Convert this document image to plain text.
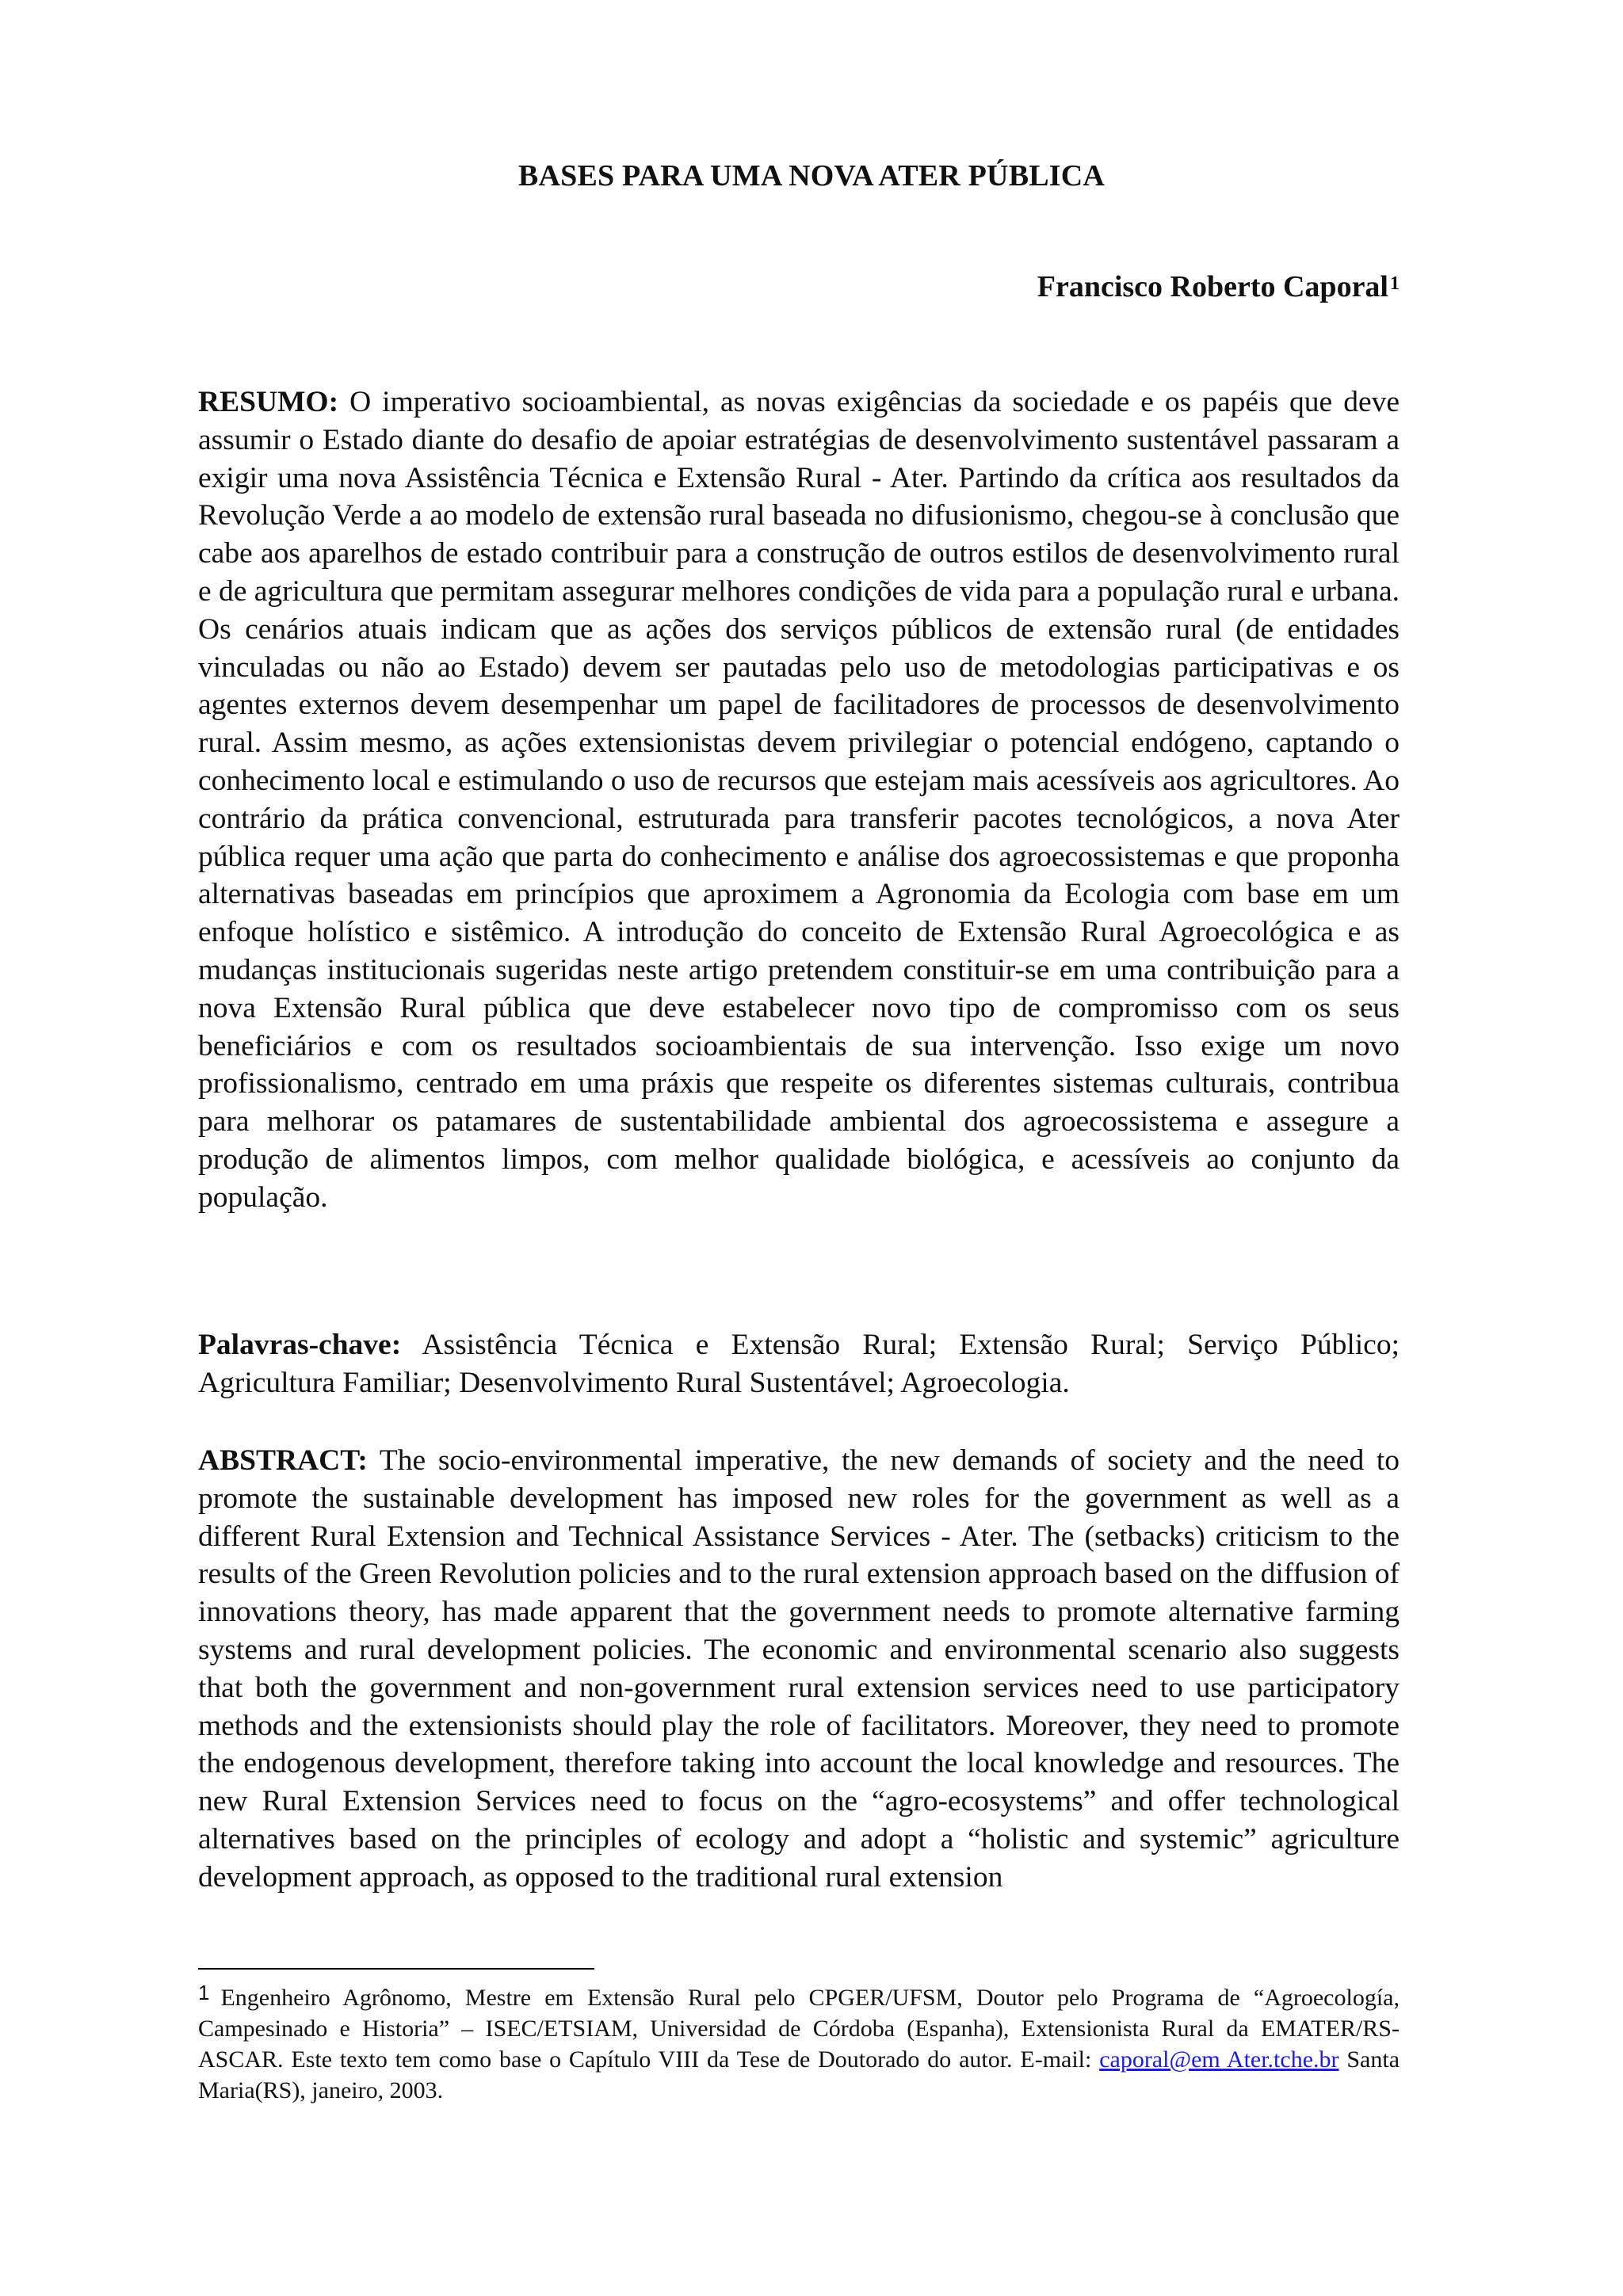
BASES PARA UMA NOVA ATER PÚBLICA
Francisco Roberto Caporal$^1$
RESUMO: O imperativo socioambiental, as novas exigências da sociedade e os papéis que deve assumir o Estado diante do desafio de apoiar estratégias de desenvolvimento sustentável passaram a exigir uma nova Assistência Técnica e Extensão Rural - Ater. Partindo da crítica aos resultados da Revolução Verde a ao modelo de extensão rural baseada no difusionismo, chegou-se à conclusão que cabe aos aparelhos de estado contribuir para a construção de outros estilos de desenvolvimento rural e de agricultura que permitam assegurar melhores condições de vida para a população rural e urbana. Os cenários atuais indicam que as ações dos serviços públicos de extensão rural (de entidades vinculadas ou não ao Estado) devem ser pautadas pelo uso de metodologias participativas e os agentes externos devem desempenhar um papel de facilitadores de processos de desenvolvimento rural. Assim mesmo, as ações extensionistas devem privilegiar o potencial endógeno, captando o conhecimento local e estimulando o uso de recursos que estejam mais acessíveis aos agricultores. Ao contrário da prática convencional, estruturada para transferir pacotes tecnológicos, a nova Ater pública requer uma ação que parta do conhecimento e análise dos agroecossistemas e que proponha alternativas baseadas em princípios que aproximem a Agronomia da Ecologia com base em um enfoque holístico e sistêmico. A introdução do conceito de Extensão Rural Agroecológica e as mudanças institucionais sugeridas neste artigo pretendem constituir-se em uma contribuição para a nova Extensão Rural pública que deve estabelecer novo tipo de compromisso com os seus beneficiários e com os resultados socioambientais de sua intervenção. Isso exige um novo profissionalismo, centrado em uma práxis que respeite os diferentes sistemas culturais, contribua para melhorar os patamares de sustentabilidade ambiental dos agroecossistema e assegure a produção de alimentos limpos, com melhor qualidade biológica, e acessíveis ao conjunto da população.
Palavras-chave: Assistência Técnica e Extensão Rural; Extensão Rural; Serviço Público; Agricultura Familiar; Desenvolvimento Rural Sustentável; Agroecologia.
ABSTRACT: The socio-environmental imperative, the new demands of society and the need to promote the sustainable development has imposed new roles for the government as well as a different Rural Extension and Technical Assistance Services - Ater. The (setbacks) criticism to the results of the Green Revolution policies and to the rural extension approach based on the diffusion of innovations theory, has made apparent that the government needs to promote alternative farming systems and rural development policies. The economic and environmental scenario also suggests that both the government and non-government rural extension services need to use participatory methods and the extensionists should play the role of facilitators. Moreover, they need to promote the endogenous development, therefore taking into account the local knowledge and resources. The new Rural Extension Services need to focus on the “agro-ecosystems” and offer technological alternatives based on the principles of ecology and adopt a “holistic and systemic” agriculture development approach, as opposed to the traditional rural extension
1 Engenheiro Agrônomo, Mestre em Extensão Rural pelo CPGER/UFSM, Doutor pelo Programa de “Agroecología, Campesinado e Historia” – ISEC/ETSIAM, Universidad de Córdoba (Espanha), Extensionista Rural da EMATER/RS-ASCAR. Este texto tem como base o Capítulo VIII da Tese de Doutorado do autor. E-mail: caporal@em Ater.tche.br Santa Maria(RS), janeiro, 2003.
